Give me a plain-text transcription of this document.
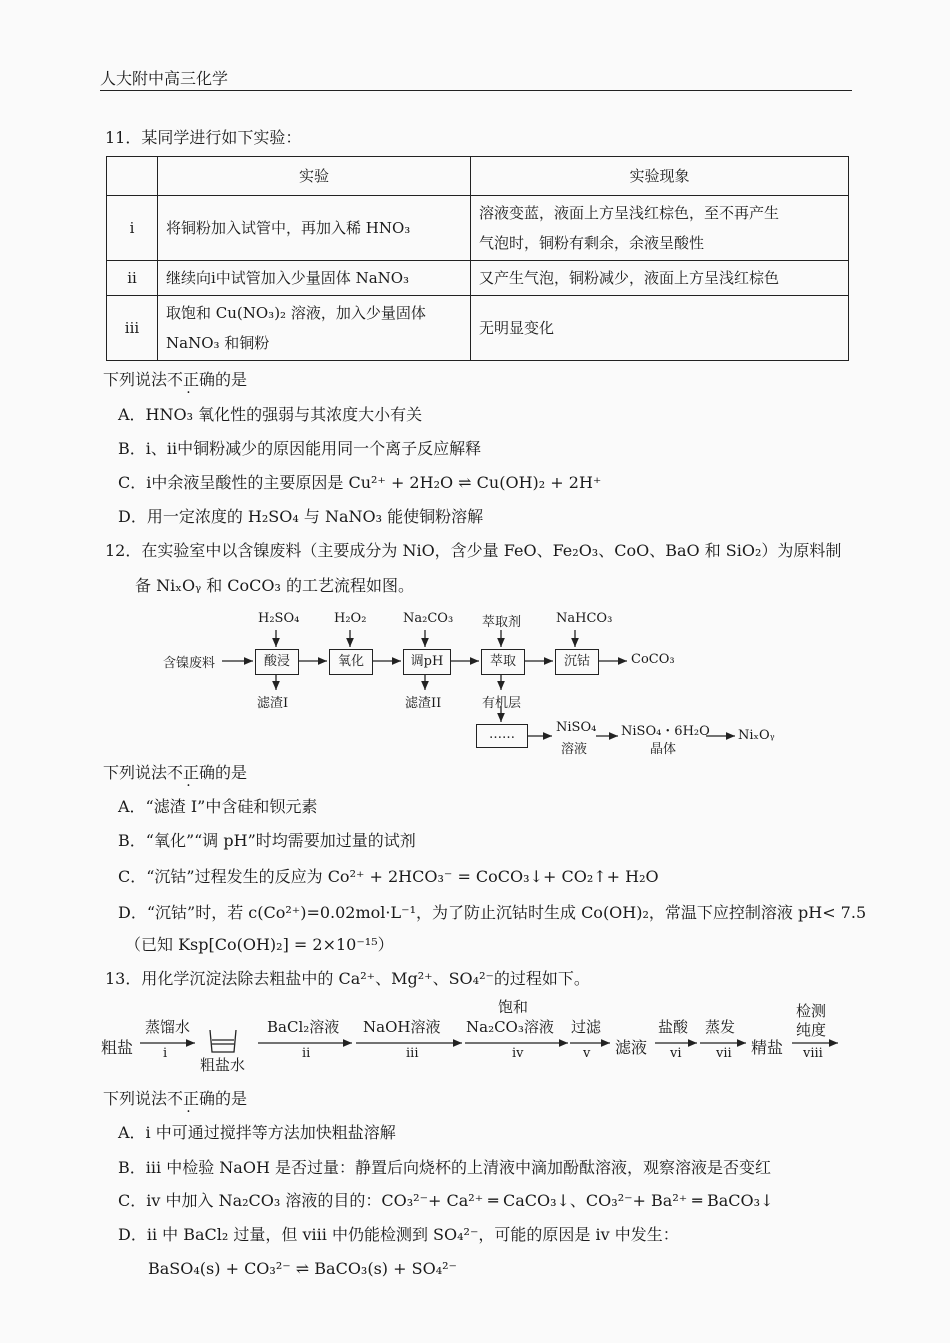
人大附中高三化学
11．某同学进行如下实验：
	实验	实验现象
i	将铜粉加入试管中，再加入稀 HNO₃	溶液变蓝，液面上方呈浅红棕色，至不再产生
气泡时，铜粉有剩余，余液呈酸性

ii	继续向i中试管加入少量固体 NaNO₃	又产生气泡，铜粉减少，液面上方呈浅红棕色
iii	取饱和 Cu(NO₃)₂ 溶液，加入少量固体
NaNO₃ 和铜粉	无明显变化
下列说法不正确的是
A．HNO₃ 氧化性的强弱与其浓度大小有关
B．i、ii中铜粉减少的原因能用同一个离子反应解释
C．i中余液呈酸性的主要原因是 Cu²⁺ + 2H₂O ⇌ Cu(OH)₂ + 2H⁺
D．用一定浓度的 H₂SO₄ 与 NaNO₃ 能使铜粉溶解
12．在实验室中以含镍废料（主要成分为 NiO，含少量 FeO、Fe₂O₃、CoO、BaO 和 SiO₂）为原料制
备 NiₓOᵧ 和 CoCO₃ 的工艺流程如图。
含镍废料	酸浸	氧化	调pH	萃取	沉钴	CoCO₃
H₂SO₄	H₂O₂	Na₂CO₃ 萃取剂	NaHCO₃
滤渣I	滤渣II	有机层
……	NiSO₄
溶液
NiSO₄・6H₂O
晶体
NiₓOᵧ
下列说法不正确的是
A．“滤渣 I”中含硅和钡元素
B．“氧化”“调 pH”时均需要加过量的试剂
C．“沉钴”过程发生的反应为 Co²⁺ + 2HCO₃⁻ = CoCO₃↓+ CO₂↑+ H₂O
D．“沉钴”时，若 c(Co²⁺)=0.02mol·L⁻¹，为了防止沉钴时生成 Co(OH)₂，常温下应控制溶液 pH< 7.5
（已知 Ksp[Co(OH)₂] = 2×10⁻¹⁵）
13．用化学沉淀法除去粗盐中的 Ca²⁺、Mg²⁺、SO₄²⁻的过程如下。
粗盐
蒸馏水
i
粗盐水
BaCl₂溶液
ii
NaOH溶液
iii
饱和
Na₂CO₃溶液
iv
过滤
v 滤液
盐酸
vi
蒸发
vii 精盐
检测
纯度
viii
下列说法不正确的是
A．i 中可通过搅拌等方法加快粗盐溶解
B．iii 中检验 NaOH 是否过量：静置后向烧杯的上清液中滴加酚酞溶液，观察溶液是否变红
C．iv 中加入 Na₂CO₃ 溶液的目的：CO₃²⁻+ Ca²⁺ ═ CaCO₃↓、CO₃²⁻+ Ba²⁺ ═ BaCO₃↓
D．ii 中 BaCl₂ 过量，但 viii 中仍能检测到 SO₄²⁻，可能的原因是 iv 中发生：
BaSO₄(s) + CO₃²⁻ ⇌ BaCO₃(s) + SO₄²⁻
